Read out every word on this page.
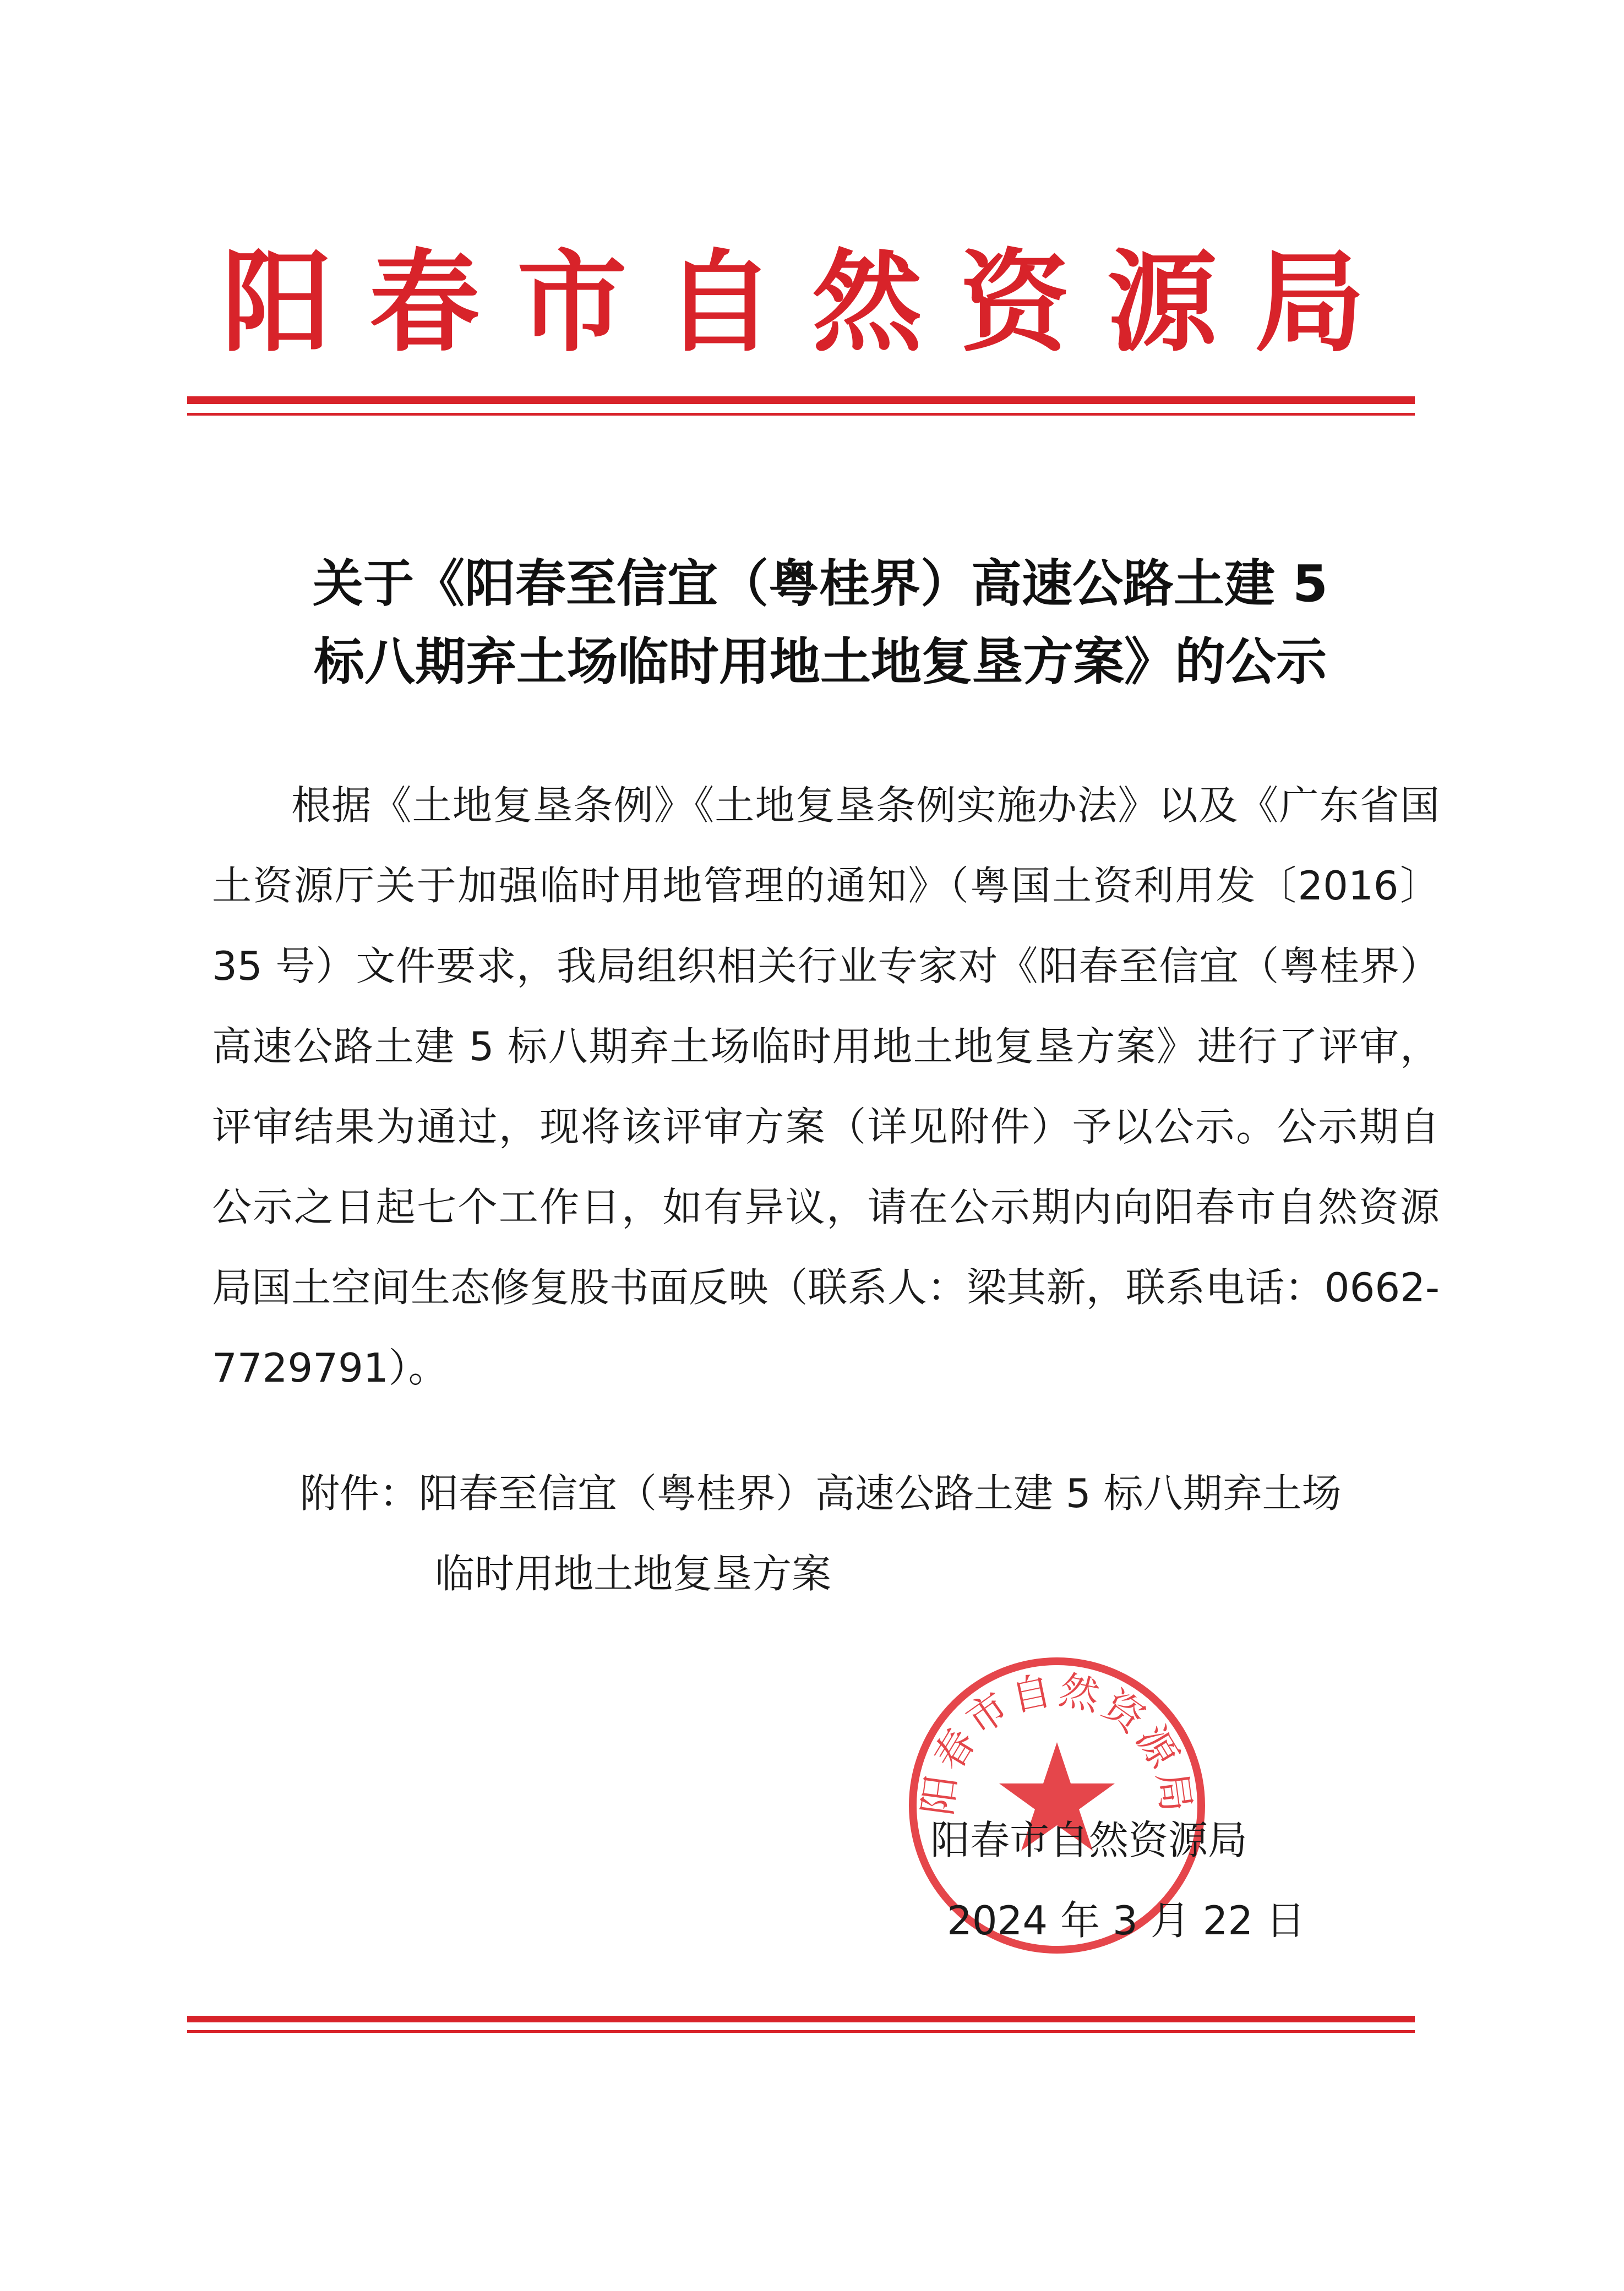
阳春市自然资源局
关于《阳春至信宜（粤桂界）高速公路土建 5
标八期弃土场临时用地土地复垦方案》的公示
根据《土地复垦条例》《土地复垦条例实施办法》以及《广东省国土资源厅关于加强临时用地管理的通知》（粤国土资利用发〔2016〕35 号）文件要求，我局组织相关行业专家对《阳春至信宜（粤桂界）高速公路土建 5 标八期弃土场临时用地土地复垦方案》进行了评审，评审结果为通过，现将该评审方案（详见附件）予以公示。公示期自公示之日起七个工作日，如有异议，请在公示期内向阳春市自然资源局国土空间生态修复股书面反映（联系人：梁其新，联系电话：0662-7729791）。
附件：阳春至信宜（粤桂界）高速公路土建 5 标八期弃土场
临时用地土地复垦方案
阳春市自然资源局
阳春市自然资源局
2024 年 3 月 22 日
